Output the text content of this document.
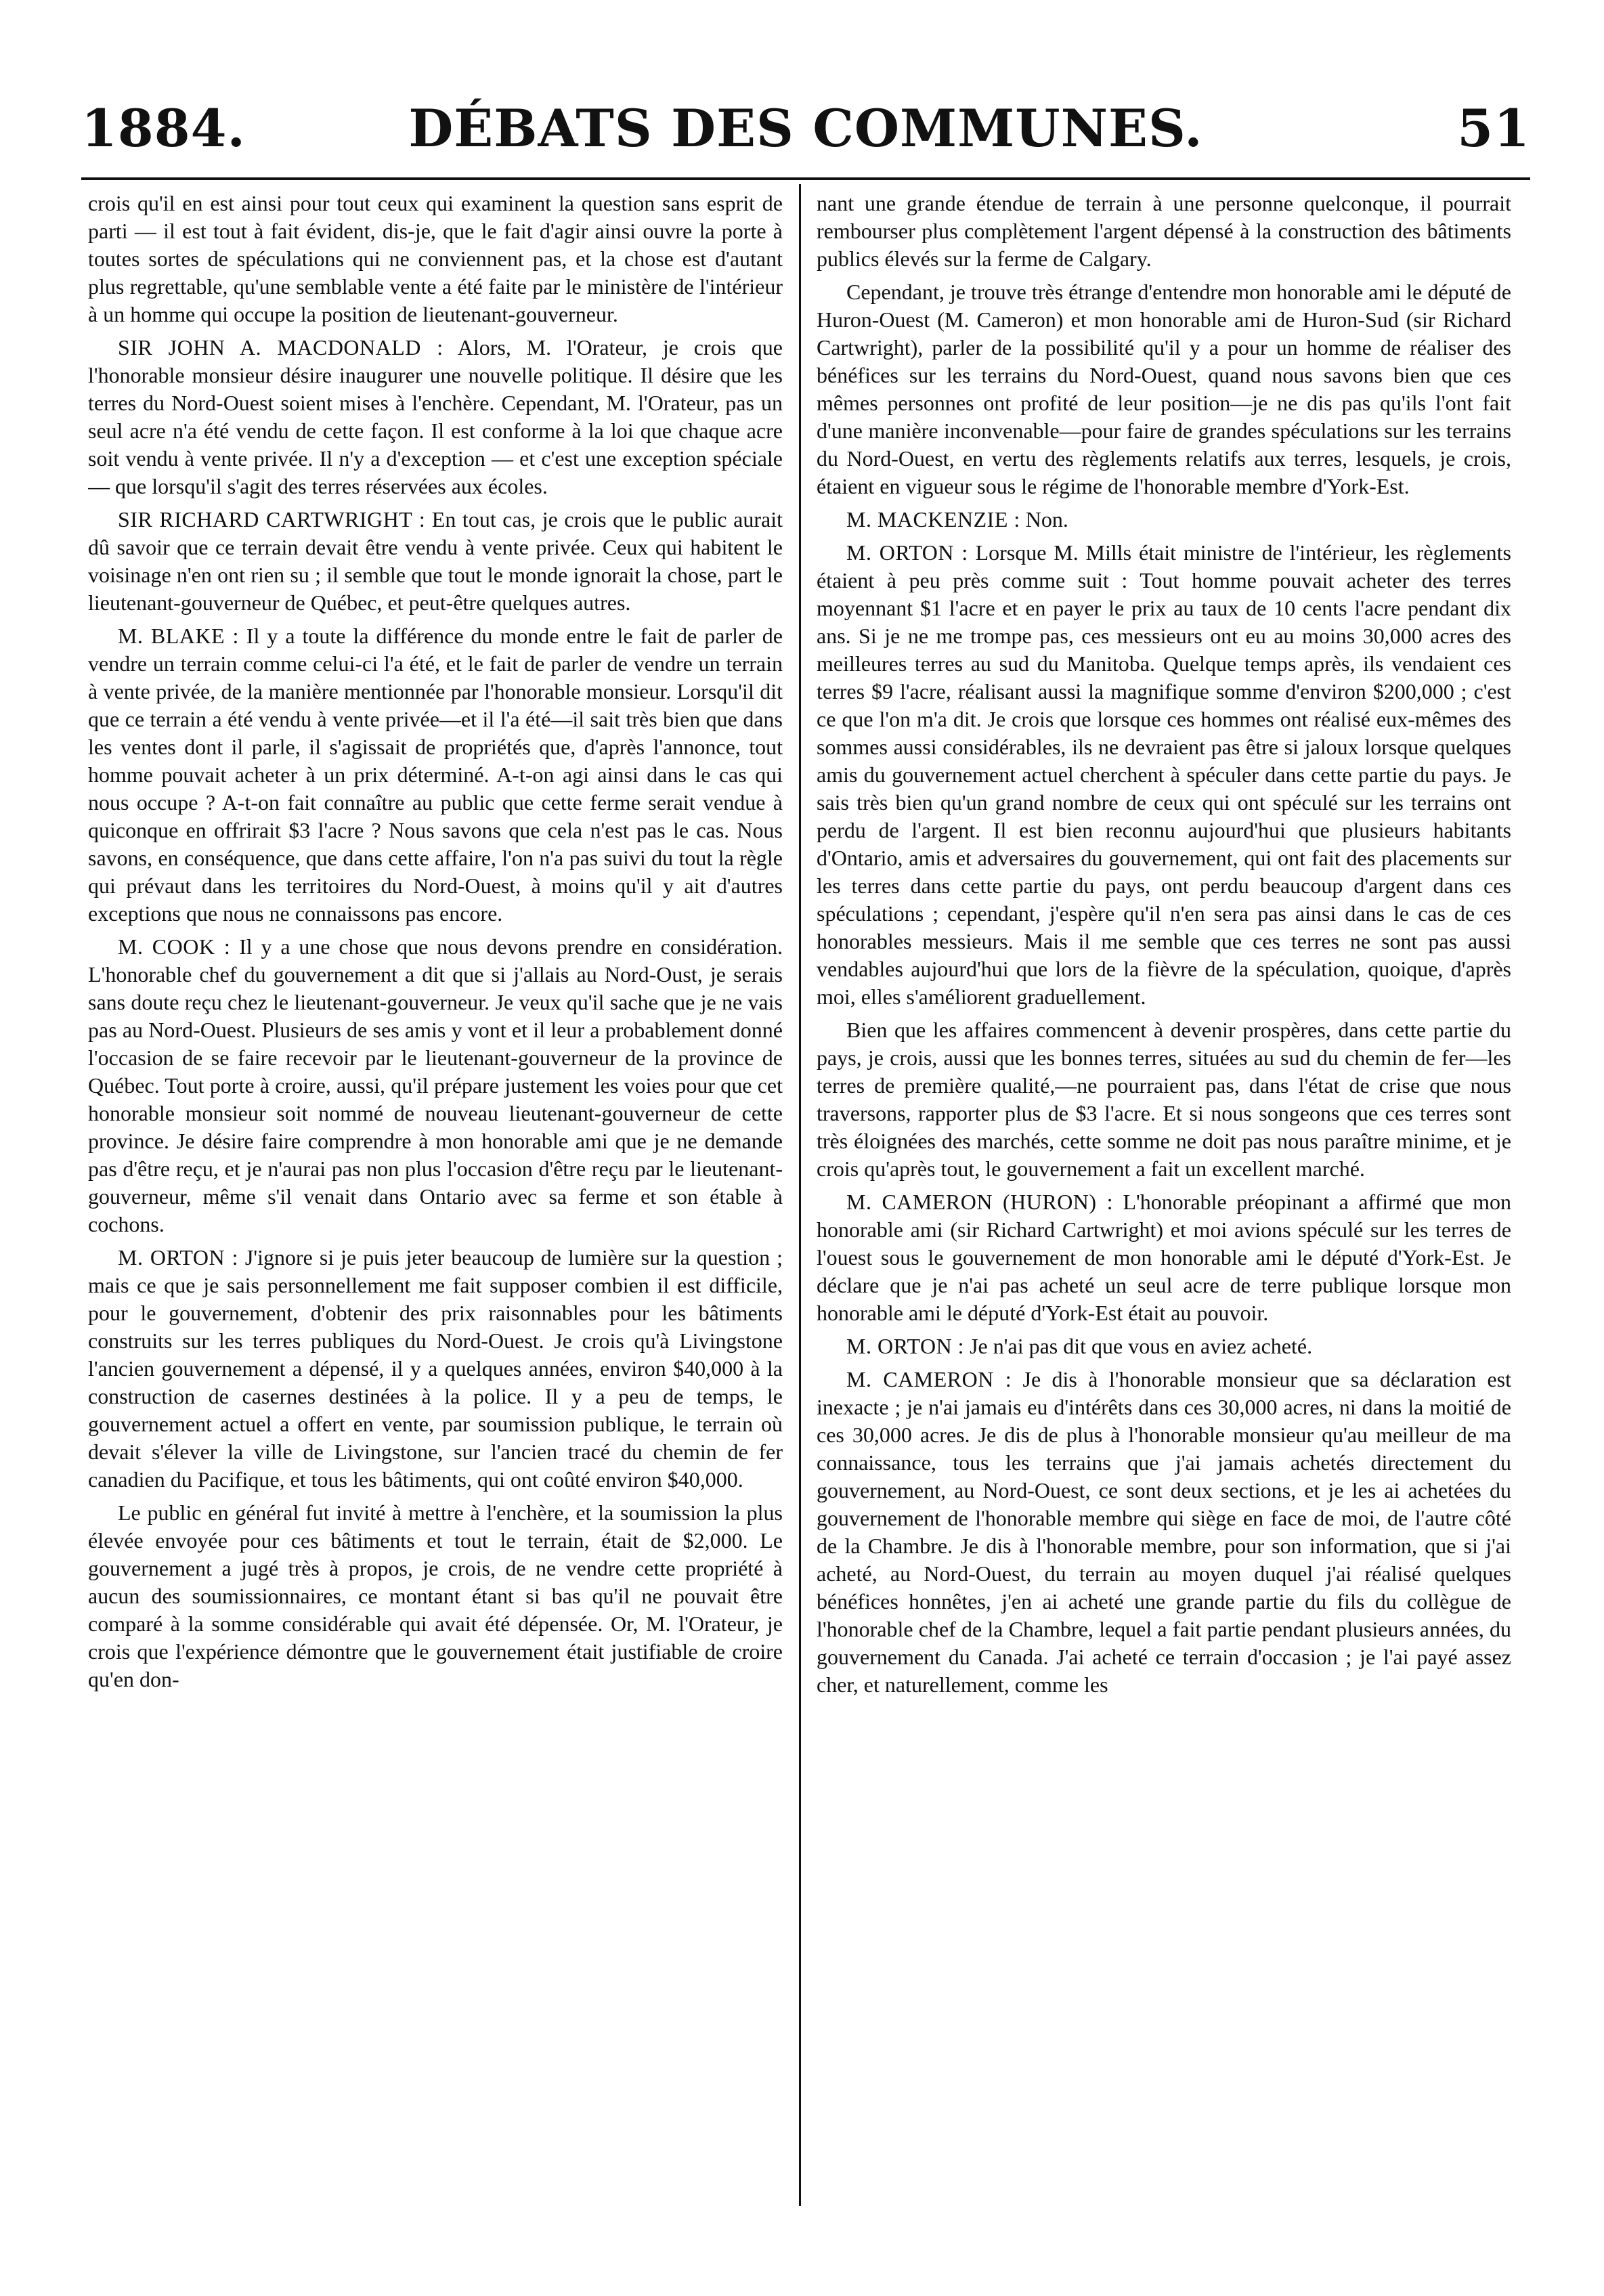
1884.	DÉBATS DES COMMUNES.	51

crois qu'il en est ainsi pour tout ceux qui examinent la question sans esprit de parti — il est tout à fait évident, dis-je, que le fait d'agir ainsi ouvre la porte à toutes sortes de spéculations qui ne conviennent pas, et la chose est d'autant plus regrettable, qu'une semblable vente a été faite par le ministère de l'intérieur à un homme qui occupe la position de lieutenant-gouverneur.

SIR JOHN A. MACDONALD : Alors, M. l'Orateur, je crois que l'honorable monsieur désire inaugurer une nouvelle politique. Il désire que les terres du Nord-Ouest soient mises à l'enchère. Cependant, M. l'Orateur, pas un seul acre n'a été vendu de cette façon. Il est conforme à la loi que chaque acre soit vendu à vente privée. Il n'y a d'exception — et c'est une exception spéciale — que lorsqu'il s'agit des terres réservées aux écoles.

SIR RICHARD CARTWRIGHT : En tout cas, je crois que le public aurait dû savoir que ce terrain devait être vendu à vente privée. Ceux qui habitent le voisinage n'en ont rien su ; il semble que tout le monde ignorait la chose, part le lieutenant-gouverneur de Québec, et peut-être quelques autres.

M. BLAKE : Il y a toute la différence du monde entre le fait de parler de vendre un terrain comme celui-ci l'a été, et le fait de parler de vendre un terrain à vente privée, de la manière mentionnée par l'honorable monsieur. Lorsqu'il dit que ce terrain a été vendu à vente privée—et il l'a été—il sait très bien que dans les ventes dont il parle, il s'agissait de propriétés que, d'après l'annonce, tout homme pouvait acheter à un prix déterminé. A-t-on agi ainsi dans le cas qui nous occupe ? A-t-on fait connaître au public que cette ferme serait vendue à quiconque en offrirait $3 l'acre ? Nous savons que cela n'est pas le cas. Nous savons, en conséquence, que dans cette affaire, l'on n'a pas suivi du tout la règle qui prévaut dans les territoires du Nord-Ouest, à moins qu'il y ait d'autres exceptions que nous ne connaissons pas encore.

M. COOK : Il y a une chose que nous devons prendre en considération. L'honorable chef du gouvernement a dit que si j'allais au Nord-Oust, je serais sans doute reçu chez le lieutenant-gouverneur. Je veux qu'il sache que je ne vais pas au Nord-Ouest. Plusieurs de ses amis y vont et il leur a probablement donné l'occasion de se faire recevoir par le lieutenant-gouverneur de la province de Québec. Tout porte à croire, aussi, qu'il prépare justement les voies pour que cet honorable monsieur soit nommé de nouveau lieutenant-gouverneur de cette province. Je désire faire comprendre à mon honorable ami que je ne demande pas d'être reçu, et je n'aurai pas non plus l'occasion d'être reçu par le lieutenant-gouverneur, même s'il venait dans Ontario avec sa ferme et son étable à cochons.

M. ORTON : J'ignore si je puis jeter beaucoup de lumière sur la question ; mais ce que je sais personnellement me fait supposer combien il est difficile, pour le gouvernement, d'obtenir des prix raisonnables pour les bâtiments construits sur les terres publiques du Nord-Ouest. Je crois qu'à Livingstone l'ancien gouvernement a dépensé, il y a quelques années, environ $40,000 à la construction de casernes destinées à la police. Il y a peu de temps, le gouvernement actuel a offert en vente, par soumission publique, le terrain où devait s'élever la ville de Livingstone, sur l'ancien tracé du chemin de fer canadien du Pacifique, et tous les bâtiments, qui ont coûté environ $40,000.

Le public en général fut invité à mettre à l'enchère, et la soumission la plus élevée envoyée pour ces bâtiments et tout le terrain, était de $2,000. Le gouvernement a jugé très à propos, je crois, de ne vendre cette propriété à aucun des soumissionnaires, ce montant étant si bas qu'il ne pouvait être comparé à la somme considérable qui avait été dépensée. Or, M. l'Orateur, je crois que l'expérience démontre que le gouvernement était justifiable de croire qu'en don-

nant une grande étendue de terrain à une personne quelconque, il pourrait rembourser plus complètement l'argent dépensé à la construction des bâtiments publics élevés sur la ferme de Calgary.

Cependant, je trouve très étrange d'entendre mon honorable ami le député de Huron-Ouest (M. Cameron) et mon honorable ami de Huron-Sud (sir Richard Cartwright), parler de la possibilité qu'il y a pour un homme de réaliser des bénéfices sur les terrains du Nord-Ouest, quand nous savons bien que ces mêmes personnes ont profité de leur position—je ne dis pas qu'ils l'ont fait d'une manière inconvenable—pour faire de grandes spéculations sur les terrains du Nord-Ouest, en vertu des règlements relatifs aux terres, lesquels, je crois, étaient en vigueur sous le régime de l'honorable membre d'York-Est.

M. MACKENZIE : Non.

M. ORTON : Lorsque M. Mills était ministre de l'intérieur, les règlements étaient à peu près comme suit : Tout homme pouvait acheter des terres moyennant $1 l'acre et en payer le prix au taux de 10 cents l'acre pendant dix ans. Si je ne me trompe pas, ces messieurs ont eu au moins 30,000 acres des meilleures terres au sud du Manitoba. Quelque temps après, ils vendaient ces terres $9 l'acre, réalisant aussi la magnifique somme d'environ $200,000 ; c'est ce que l'on m'a dit. Je crois que lorsque ces hommes ont réalisé eux-mêmes des sommes aussi considérables, ils ne devraient pas être si jaloux lorsque quelques amis du gouvernement actuel cherchent à spéculer dans cette partie du pays. Je sais très bien qu'un grand nombre de ceux qui ont spéculé sur les terrains ont perdu de l'argent. Il est bien reconnu aujourd'hui que plusieurs habitants d'Ontario, amis et adversaires du gouvernement, qui ont fait des placements sur les terres dans cette partie du pays, ont perdu beaucoup d'argent dans ces spéculations ; cependant, j'espère qu'il n'en sera pas ainsi dans le cas de ces honorables messieurs. Mais il me semble que ces terres ne sont pas aussi vendables aujourd'hui que lors de la fièvre de la spéculation, quoique, d'après moi, elles s'améliorent graduellement.

Bien que les affaires commencent à devenir prospères, dans cette partie du pays, je crois, aussi que les bonnes terres, situées au sud du chemin de fer—les terres de première qualité,—ne pourraient pas, dans l'état de crise que nous traversons, rapporter plus de $3 l'acre. Et si nous songeons que ces terres sont très éloignées des marchés, cette somme ne doit pas nous paraître minime, et je crois qu'après tout, le gouvernement a fait un excellent marché.

M. CAMERON (HURON) : L'honorable préopinant a affirmé que mon honorable ami (sir Richard Cartwright) et moi avions spéculé sur les terres de l'ouest sous le gouvernement de mon honorable ami le député d'York-Est. Je déclare que je n'ai pas acheté un seul acre de terre publique lorsque mon honorable ami le député d'York-Est était au pouvoir.

M. ORTON : Je n'ai pas dit que vous en aviez acheté.

M. CAMERON : Je dis à l'honorable monsieur que sa déclaration est inexacte ; je n'ai jamais eu d'intérêts dans ces 30,000 acres, ni dans la moitié de ces 30,000 acres. Je dis de plus à l'honorable monsieur qu'au meilleur de ma connaissance, tous les terrains que j'ai jamais achetés directement du gouvernement, au Nord-Ouest, ce sont deux sections, et je les ai achetées du gouvernement de l'honorable membre qui siège en face de moi, de l'autre côté de la Chambre. Je dis à l'honorable membre, pour son information, que si j'ai acheté, au Nord-Ouest, du terrain au moyen duquel j'ai réalisé quelques bénéfices honnêtes, j'en ai acheté une grande partie du fils du collègue de l'honorable chef de la Chambre, lequel a fait partie pendant plusieurs années, du gouvernement du Canada. J'ai acheté ce terrain d'occasion ; je l'ai payé assez cher, et naturellement, comme les
